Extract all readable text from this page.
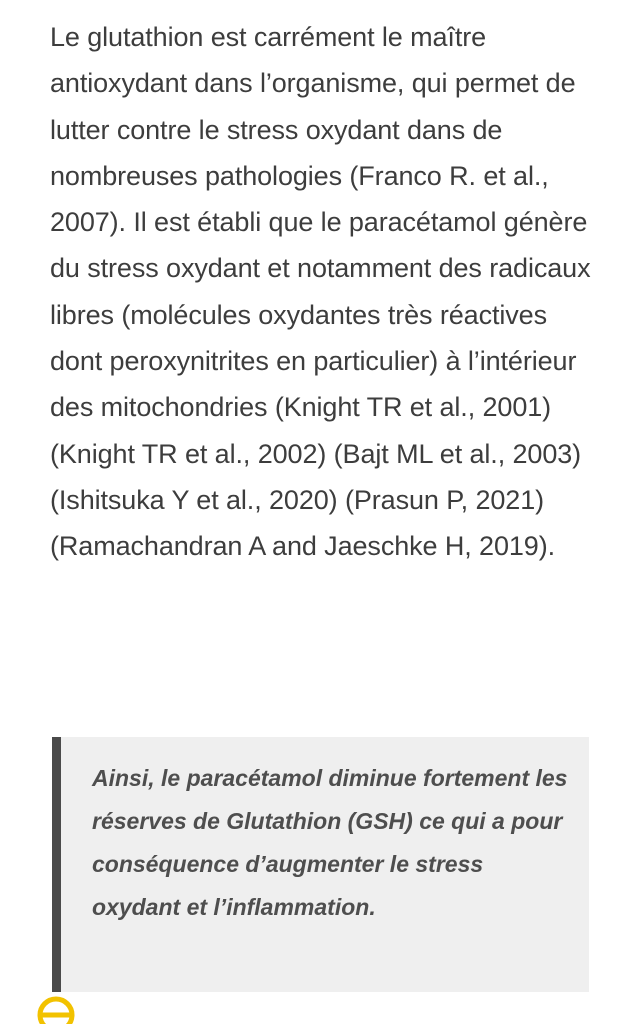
Le glutathion est carrément le maître antioxydant dans l’organisme, qui permet de lutter contre le stress oxydant dans de nombreuses pathologies (Franco R. et al., 2007). Il est établi que le paracétamol génère du stress oxydant et notamment des radicaux libres (molécules oxydantes très réactives dont peroxynitrites en particulier) à l’intérieur des mitochondries (Knight TR et al., 2001) (Knight TR et al., 2002) (Bajt ML et al., 2003) (Ishitsuka Y et al., 2020) (Prasun P, 2021) (Ramachandran A and Jaeschke H, 2019).

Ainsi, le paracétamol diminue fortement les réserves de Glutathion (GSH) ce qui a pour conséquence d’augmenter le stress oxydant et l’inflammation.
